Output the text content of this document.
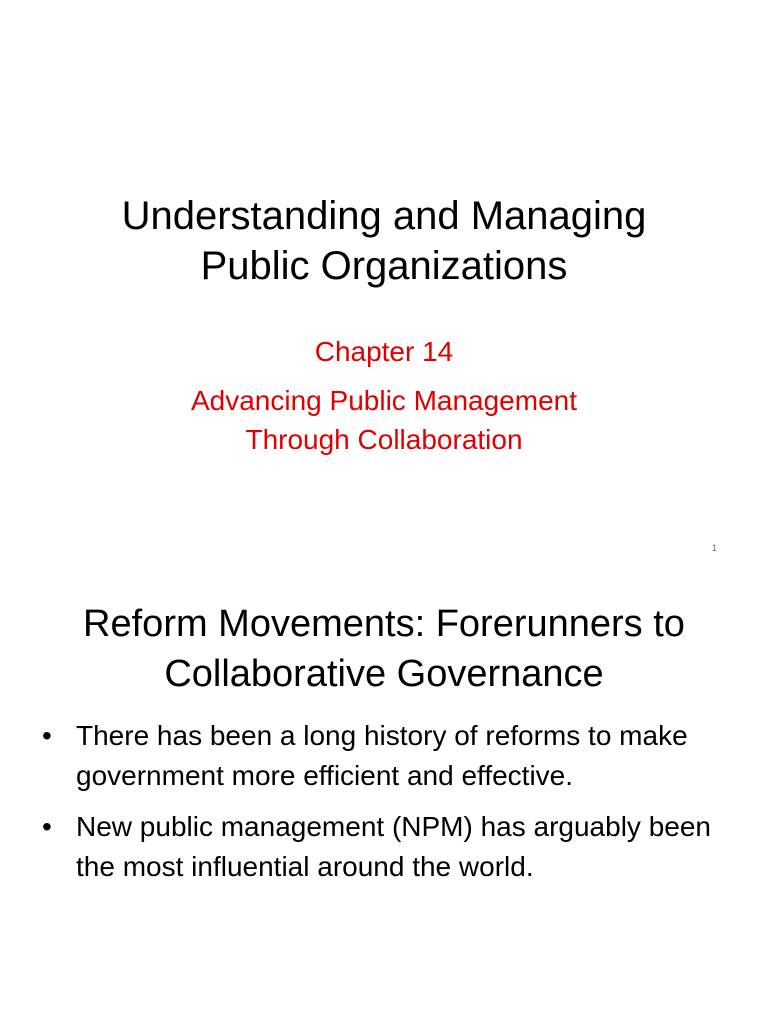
Understanding and Managing
Public Organizations
Chapter 14
Advancing Public Management
Through Collaboration
1
Reform Movements: Forerunners to
Collaborative Governance
• There has been a long history of reforms to make government more efficient and effective.
• New public management (NPM) has arguably been the most influential around the world.
